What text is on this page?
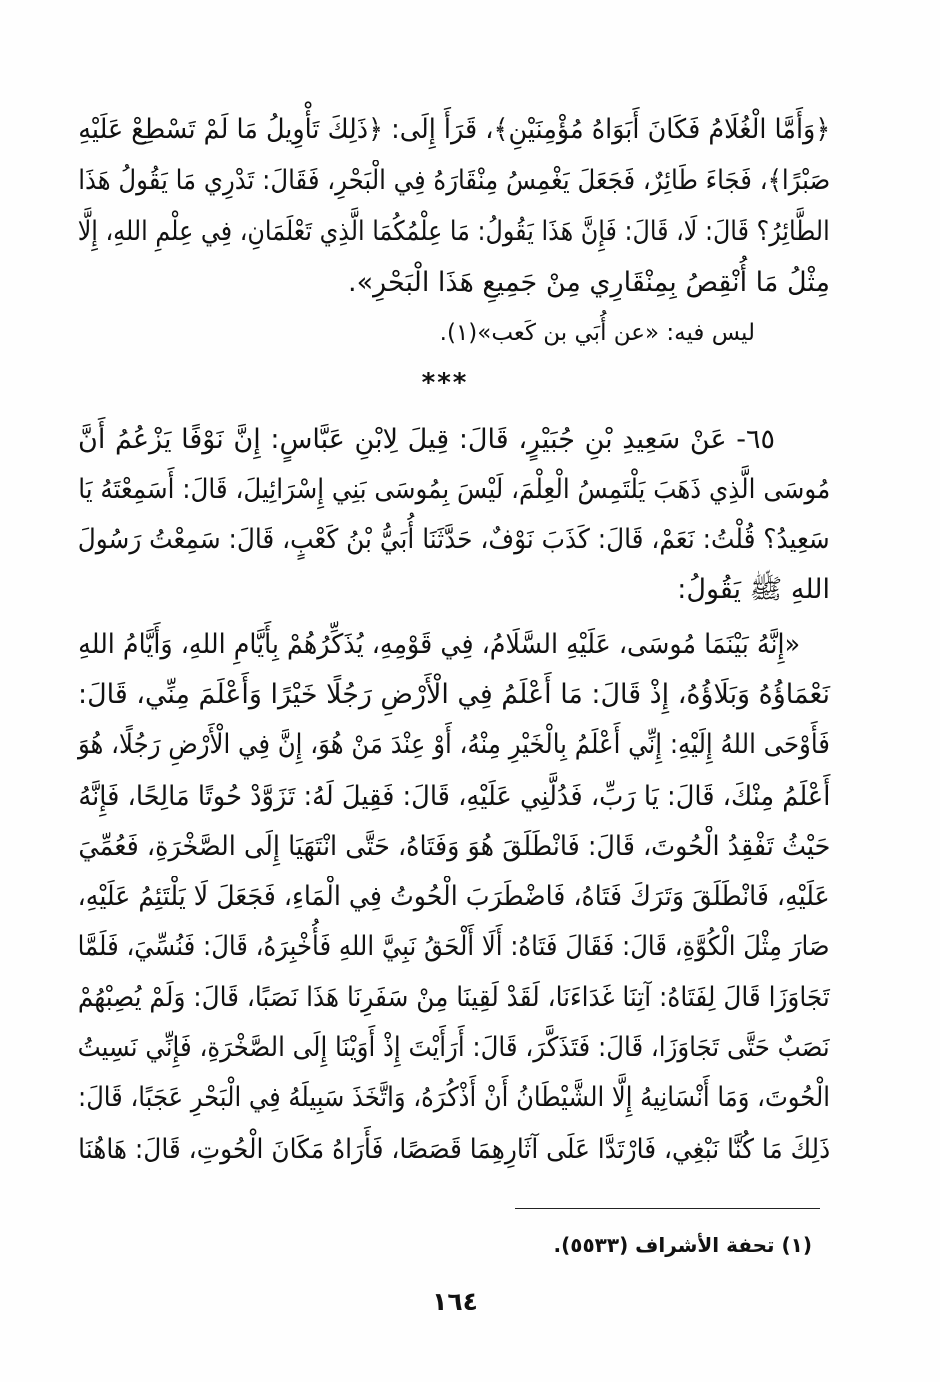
﴿وَأَمَّا الْغُلَامُ فَكَانَ أَبَوَاهُ مُؤْمِنَيْنِ﴾، قَرَأَ إِلَى: ﴿ذَلِكَ تَأْوِيلُ مَا لَمْ تَسْطِعْ عَلَيْهِ
صَبْرًا﴾، فَجَاءَ طَائِرٌ، فَجَعَلَ يَغْمِسُ مِنْقَارَهُ فِي الْبَحْرِ، فَقَالَ: تَدْرِي مَا يَقُولُ هَذَا
الطَّائِرُ؟ قَالَ: لَا، قَالَ: فَإِنَّ هَذَا يَقُولُ: مَا عِلْمُكُمَا الَّذِي تَعْلَمَانِ، فِي عِلْمِ اللهِ، إِلَّا
مِثْلُ مَا أُنْقِصُ بِمِنْقَارِي مِنْ جَمِيعِ هَذَا الْبَحْرِ».
ليس فيه: «عن أُبَي بن كَعب»(١).
***
٦٥- عَنْ سَعِيدِ بْنِ جُبَيْرٍ، قَالَ: قِيلَ لِابْنِ عَبَّاسٍ: إِنَّ نَوْفًا يَزْعُمُ أَنَّ
مُوسَى الَّذِي ذَهَبَ يَلْتَمِسُ الْعِلْمَ، لَيْسَ بِمُوسَى بَنِي إِسْرَائِيلَ، قَالَ: أَسَمِعْتَهُ يَا
سَعِيدُ؟ قُلْتُ: نَعَمْ، قَالَ: كَذَبَ نَوْفٌ، حَدَّثَنَا أُبَيُّ بْنُ كَعْبٍ، قَالَ: سَمِعْتُ رَسُولَ
اللهِ ﷺ يَقُولُ:
«إِنَّهُ بَيْنَمَا مُوسَى، عَلَيْهِ السَّلَامُ، فِي قَوْمِهِ، يُذَكِّرُهُمْ بِأَيَّامِ اللهِ، وَأَيَّامُ اللهِ
نَعْمَاؤُهُ وَبَلَاؤُهُ، إِذْ قَالَ: مَا أَعْلَمُ فِي الْأَرْضِ رَجُلًا خَيْرًا وَأَعْلَمَ مِنِّي، قَالَ:
فَأَوْحَى اللهُ إِلَيْهِ: إِنِّي أَعْلَمُ بِالْخَيْرِ مِنْهُ، أَوْ عِنْدَ مَنْ هُوَ، إِنَّ فِي الْأَرْضِ رَجُلًا، هُوَ
أَعْلَمُ مِنْكَ، قَالَ: يَا رَبِّ، فَدُلَّنِي عَلَيْهِ، قَالَ: فَقِيلَ لَهُ: تَزَوَّدْ حُوتًا مَالِحًا، فَإِنَّهُ
حَيْثُ تَفْقِدُ الْحُوتَ، قَالَ: فَانْطَلَقَ هُوَ وَفَتَاهُ، حَتَّى انْتَهَيَا إِلَى الصَّخْرَةِ، فَعُمِّيَ
عَلَيْهِ، فَانْطَلَقَ وَتَرَكَ فَتَاهُ، فَاضْطَرَبَ الْحُوتُ فِي الْمَاءِ، فَجَعَلَ لَا يَلْتَئِمُ عَلَيْهِ،
صَارَ مِثْلَ الْكُوَّةِ، قَالَ: فَقَالَ فَتَاهُ: أَلَا أَلْحَقُ نَبِيَّ اللهِ فَأُخْبِرَهُ، قَالَ: فَنُسِّيَ، فَلَمَّا
تَجَاوَزَا قَالَ لِفَتَاهُ: آتِنَا غَدَاءَنَا، لَقَدْ لَقِينَا مِنْ سَفَرِنَا هَذَا نَصَبًا، قَالَ: وَلَمْ يُصِبْهُمْ
نَصَبٌ حَتَّى تَجَاوَزَا، قَالَ: فَتَذَكَّرَ، قَالَ: أَرَأَيْتَ إِذْ أَوَيْنَا إِلَى الصَّخْرَةِ، فَإِنِّي نَسِيتُ
الْحُوتَ، وَمَا أَنْسَانِيهُ إِلَّا الشَّيْطَانُ أَنْ أَذْكُرَهُ، وَاتَّخَذَ سَبِيلَهُ فِي الْبَحْرِ عَجَبًا، قَالَ:
ذَلِكَ مَا كُنَّا نَبْغِي، فَارْتَدَّا عَلَى آثَارِهِمَا قَصَصًا، فَأَرَاهُ مَكَانَ الْحُوتِ، قَالَ: هَاهُنَا
(١) تحفة الأشراف (٥٥٣٣).
١٦٤
